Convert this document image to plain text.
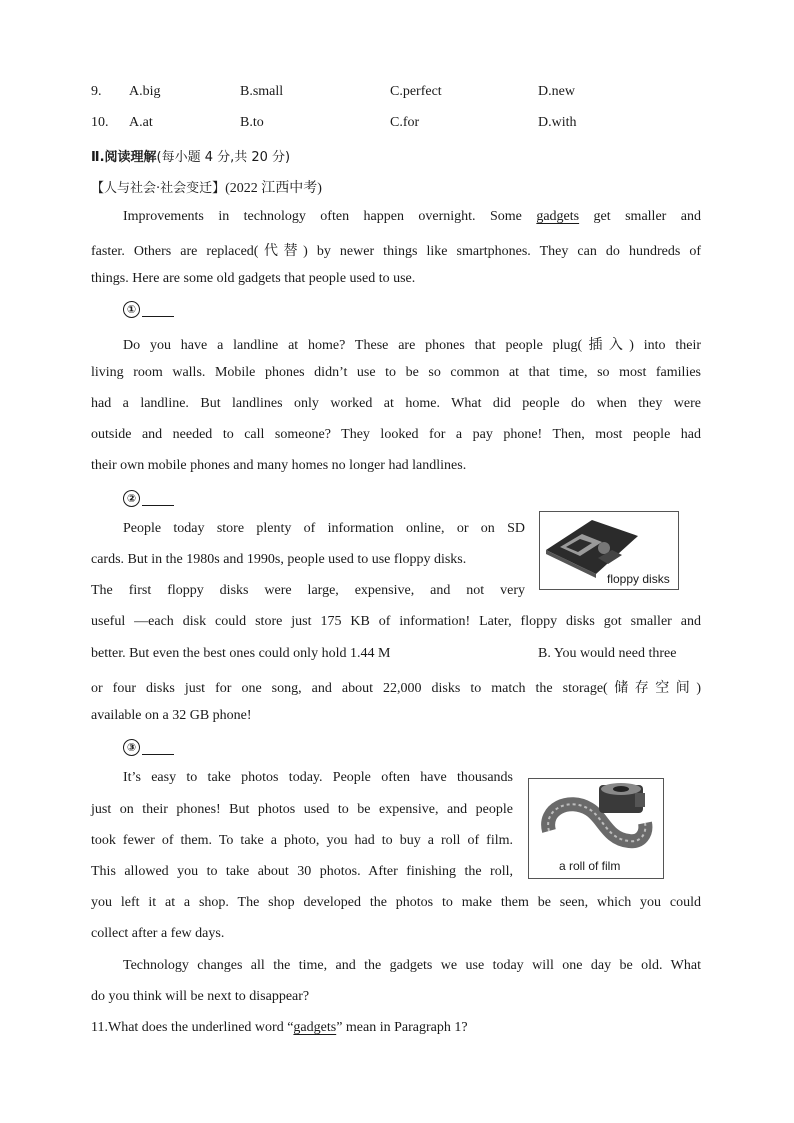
9. A.big	B.small	C.perfect	D.new
10. A.at	B.to	C.for	D.with
Ⅱ.阅读理解(每小题 4 分,共 20 分)
【人与社会·社会变迁】(2022 江西中考)
Improvements in technology often happen overnight. Some gadgets get smaller and
faster. Others are replaced(代替) by newer things like smartphones. They can do hundreds of
things. Here are some old gadgets that people used to use.
①
Do you have a landline at home? These are phones that people plug(插入) into their
living room walls. Mobile phones didn’t use to be so common at that time, so most families
had a landline. But landlines only worked at home. What did people do when they were
outside and needed to call someone? They looked for a pay phone! Then, most people had
their own mobile phones and many homes no longer had landlines.
②
People today store plenty of information online, or on SD
cards. But in the 1980s and 1990s, people used to use floppy disks.
The first floppy disks were large, expensive, and not very
useful —each disk could store just 175 KB of information! Later, floppy disks got smaller and
better. But even the best ones could only hold 1.44 M	B. You would need three
or four disks just for one song, and about 22,000 disks to match the storage(储存空间)
available on a 32 GB phone!
floppy disks
③
It’s easy to take photos today. People often have thousands
just on their phones! But photos used to be expensive, and people
took fewer of them. To take a photo, you had to buy a roll of film.
This allowed you to take about 30 photos. After finishing the roll,
you left it at a shop. The shop developed the photos to make them be seen, which you could
collect after a few days.
a roll of film
Technology changes all the time, and the gadgets we use today will one day be old. What
do you think will be next to disappear?
11.What does the underlined word “gadgets” mean in Paragraph 1?
